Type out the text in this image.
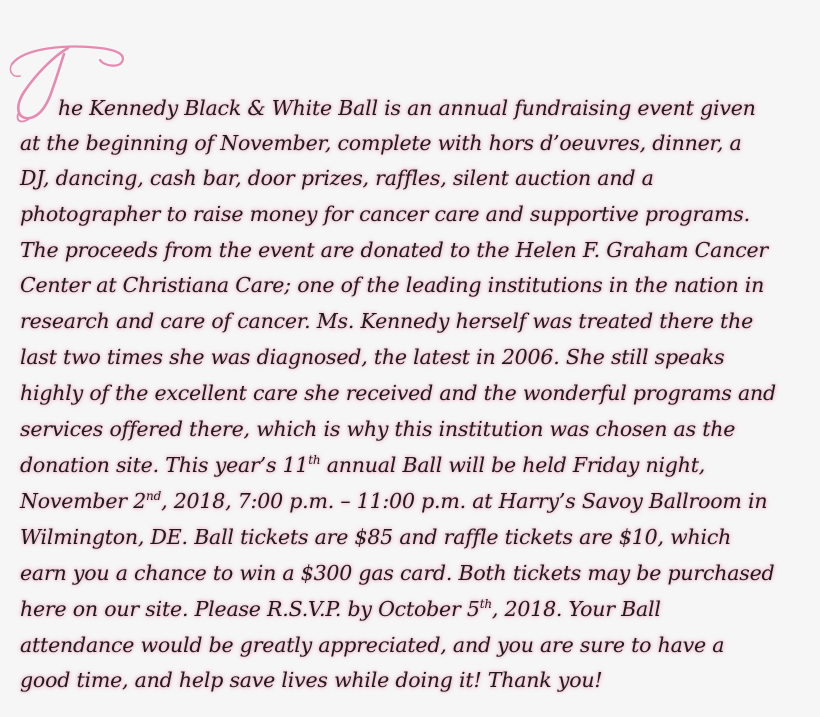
he Kennedy Black & White Ball is an annual fundraising event given
at the beginning of November, complete with hors d’oeuvres, dinner, a
DJ, dancing, cash bar, door prizes, raffles, silent auction and a
photographer to raise money for cancer care and supportive programs.
The proceeds from the event are donated to the Helen F. Graham Cancer
Center at Christiana Care; one of the leading institutions in the nation in
research and care of cancer. Ms. Kennedy herself was treated there the
last two times she was diagnosed, the latest in 2006. She still speaks
highly of the excellent care she received and the wonderful programs and
services offered there, which is why this institution was chosen as the
donation site. This year’s 11th annual Ball will be held Friday night,
November 2nd, 2018, 7:00 p.m. – 11:00 p.m. at Harry’s Savoy Ballroom in
Wilmington, DE. Ball tickets are $85 and raffle tickets are $10, which
earn you a chance to win a $300 gas card. Both tickets may be purchased
here on our site. Please R.S.V.P. by October 5th, 2018. Your Ball
attendance would be greatly appreciated, and you are sure to have a
good time, and help save lives while doing it! Thank you!
